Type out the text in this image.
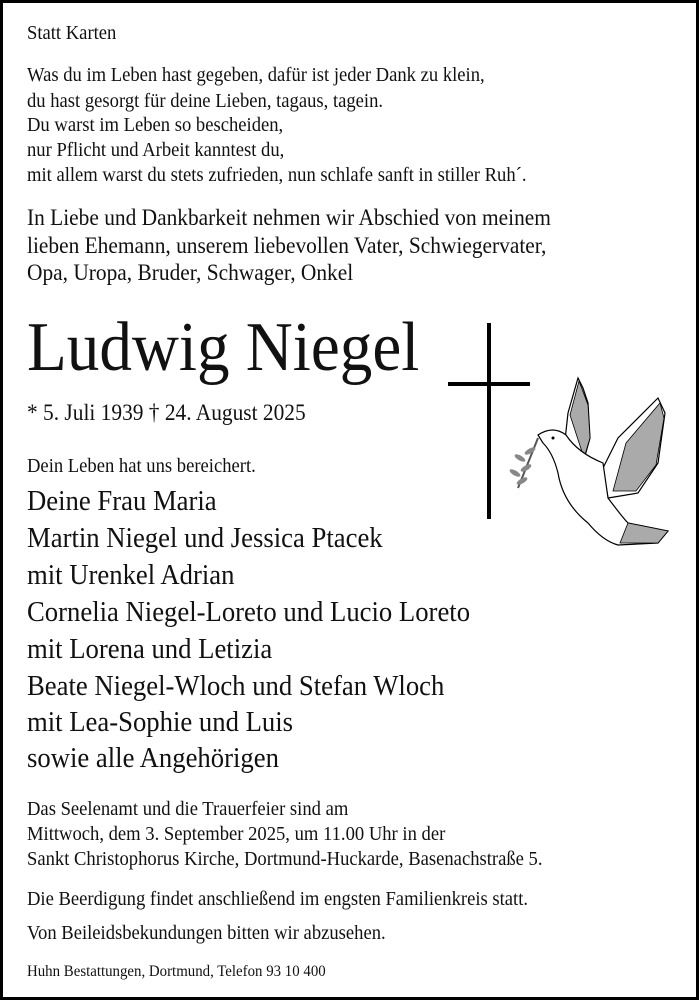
Statt Karten
Was du im Leben hast gegeben, dafür ist jeder Dank zu klein,
du hast gesorgt für deine Lieben, tagaus, tagein.
Du warst im Leben so bescheiden,
nur Pflicht und Arbeit kanntest du,
mit allem warst du stets zufrieden, nun schlafe sanft in stiller Ruh´.
In Liebe und Dankbarkeit nehmen wir Abschied von meinem
lieben Ehemann, unserem liebevollen Vater, Schwiegervater,
Opa, Uropa, Bruder, Schwager, Onkel
Ludwig Niegel
* 5. Juli 1939 † 24. August 2025
Dein Leben hat uns bereichert.
Deine Frau Maria
Martin Niegel und Jessica Ptacek
mit Urenkel Adrian
Cornelia Niegel-Loreto und Lucio Loreto
mit Lorena und Letizia
Beate Niegel-Wloch und Stefan Wloch
mit Lea-Sophie und Luis
sowie alle Angehörigen
Das Seelenamt und die Trauerfeier sind am
Mittwoch, dem 3. September 2025, um 11.00 Uhr in der
Sankt Christophorus Kirche, Dortmund-Huckarde, Basenachstraße 5.
Die Beerdigung findet anschließend im engsten Familienkreis statt.
Von Beileidsbekundungen bitten wir abzusehen.
Huhn Bestattungen, Dortmund, Telefon 93 10 400
